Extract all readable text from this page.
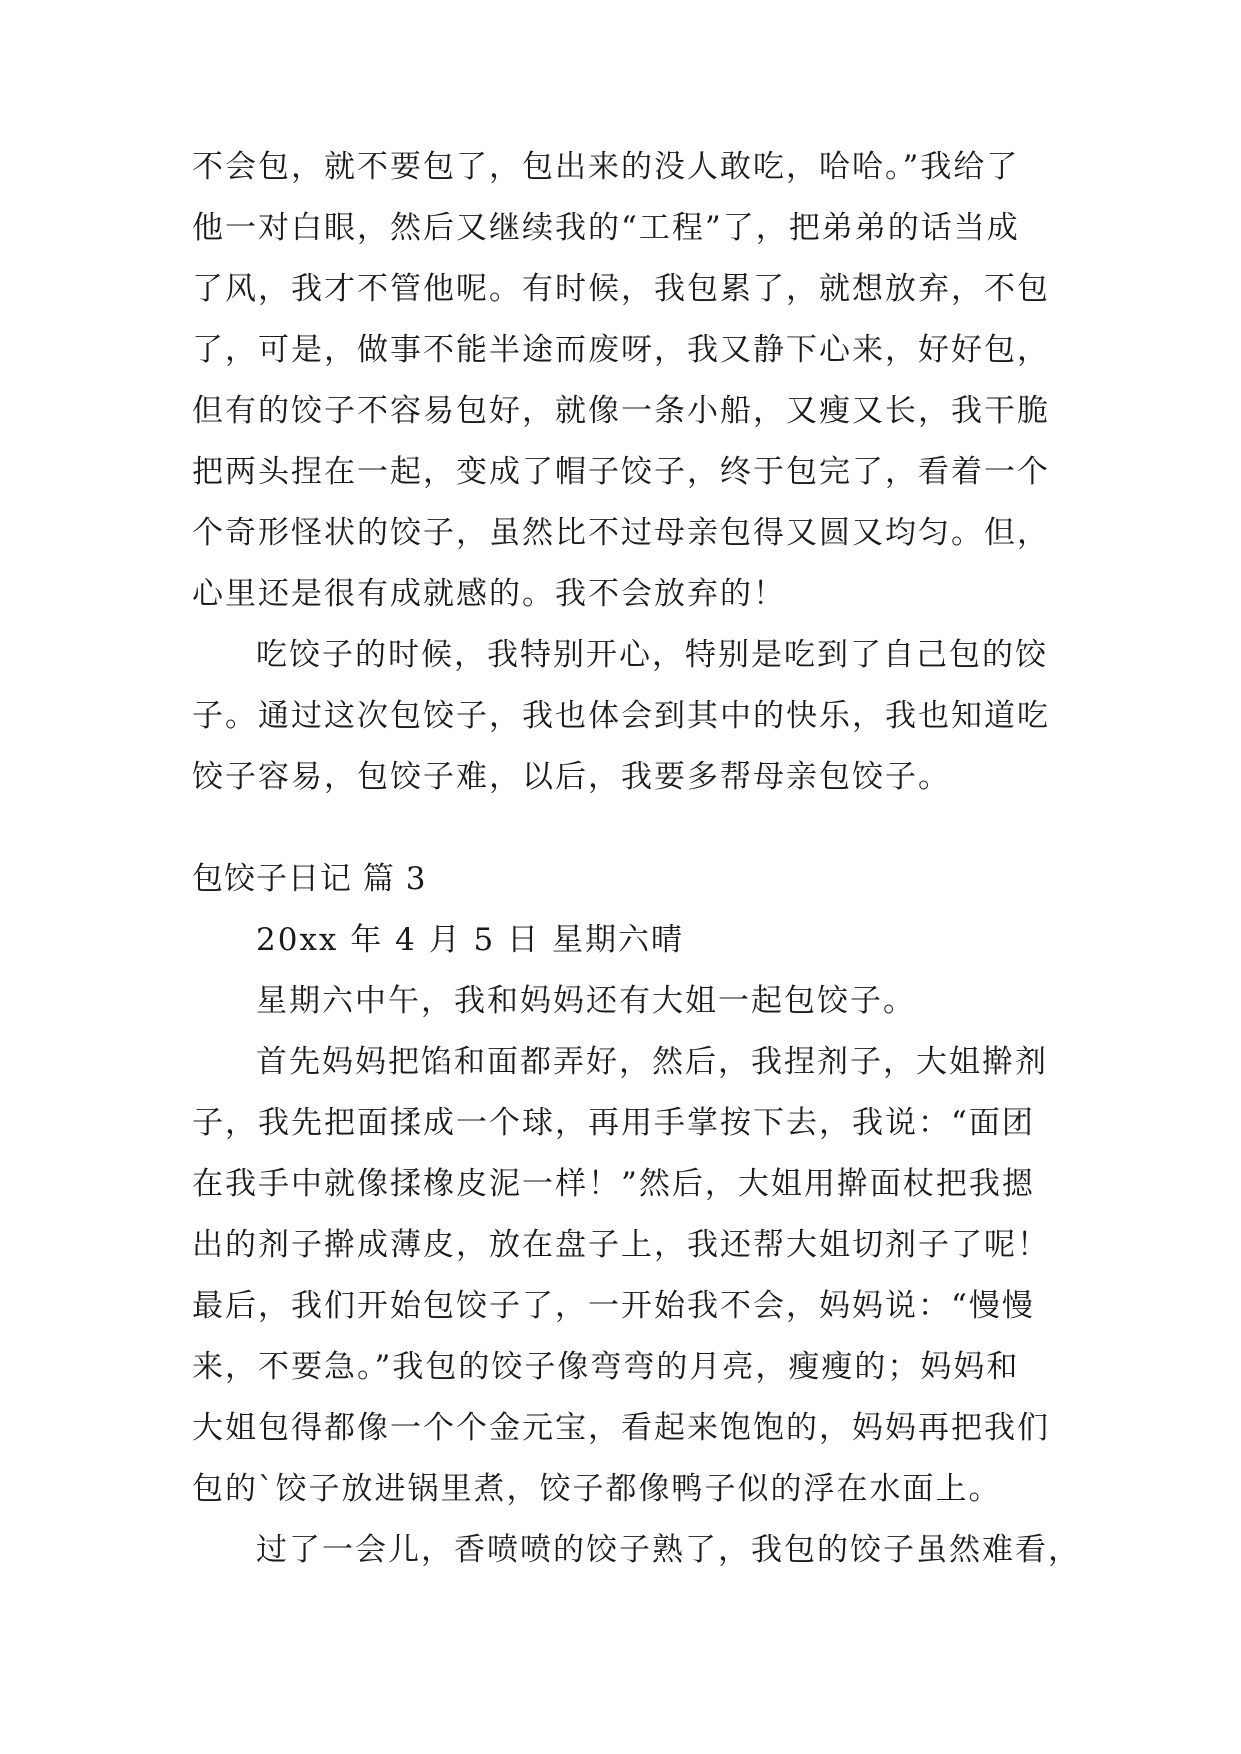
不会包，就不要包了，包出来的没人敢吃，哈哈。”我给了
他一对白眼，然后又继续我的“工程”了，把弟弟的话当成
了风，我才不管他呢。有时候，我包累了，就想放弃，不包
了，可是，做事不能半途而废呀，我又静下心来，好好包，
但有的饺子不容易包好，就像一条小船，又瘦又长，我干脆
把两头捏在一起，变成了帽子饺子，终于包完了，看着一个
个奇形怪状的饺子，虽然比不过母亲包得又圆又均匀。但，
心里还是很有成就感的。我不会放弃的！
吃饺子的时候，我特别开心，特别是吃到了自己包的饺
子。通过这次包饺子，我也体会到其中的快乐，我也知道吃
饺子容易，包饺子难，以后，我要多帮母亲包饺子。
包饺子日记 篇 3
20xx 年 4 月 5 日 星期六晴
星期六中午，我和妈妈还有大姐一起包饺子。
首先妈妈把馅和面都弄好，然后，我捏剂子，大姐擀剂
子，我先把面揉成一个球，再用手掌按下去，我说：“面团
在我手中就像揉橡皮泥一样！”然后，大姐用擀面杖把我摁
出的剂子擀成薄皮，放在盘子上，我还帮大姐切剂子了呢！
最后，我们开始包饺子了，一开始我不会，妈妈说：“慢慢
来，不要急。”我包的饺子像弯弯的月亮，瘦瘦的；妈妈和
大姐包得都像一个个金元宝，看起来饱饱的，妈妈再把我们
包的`饺子放进锅里煮，饺子都像鸭子似的浮在水面上。
过了一会儿，香喷喷的饺子熟了，我包的饺子虽然难看，
